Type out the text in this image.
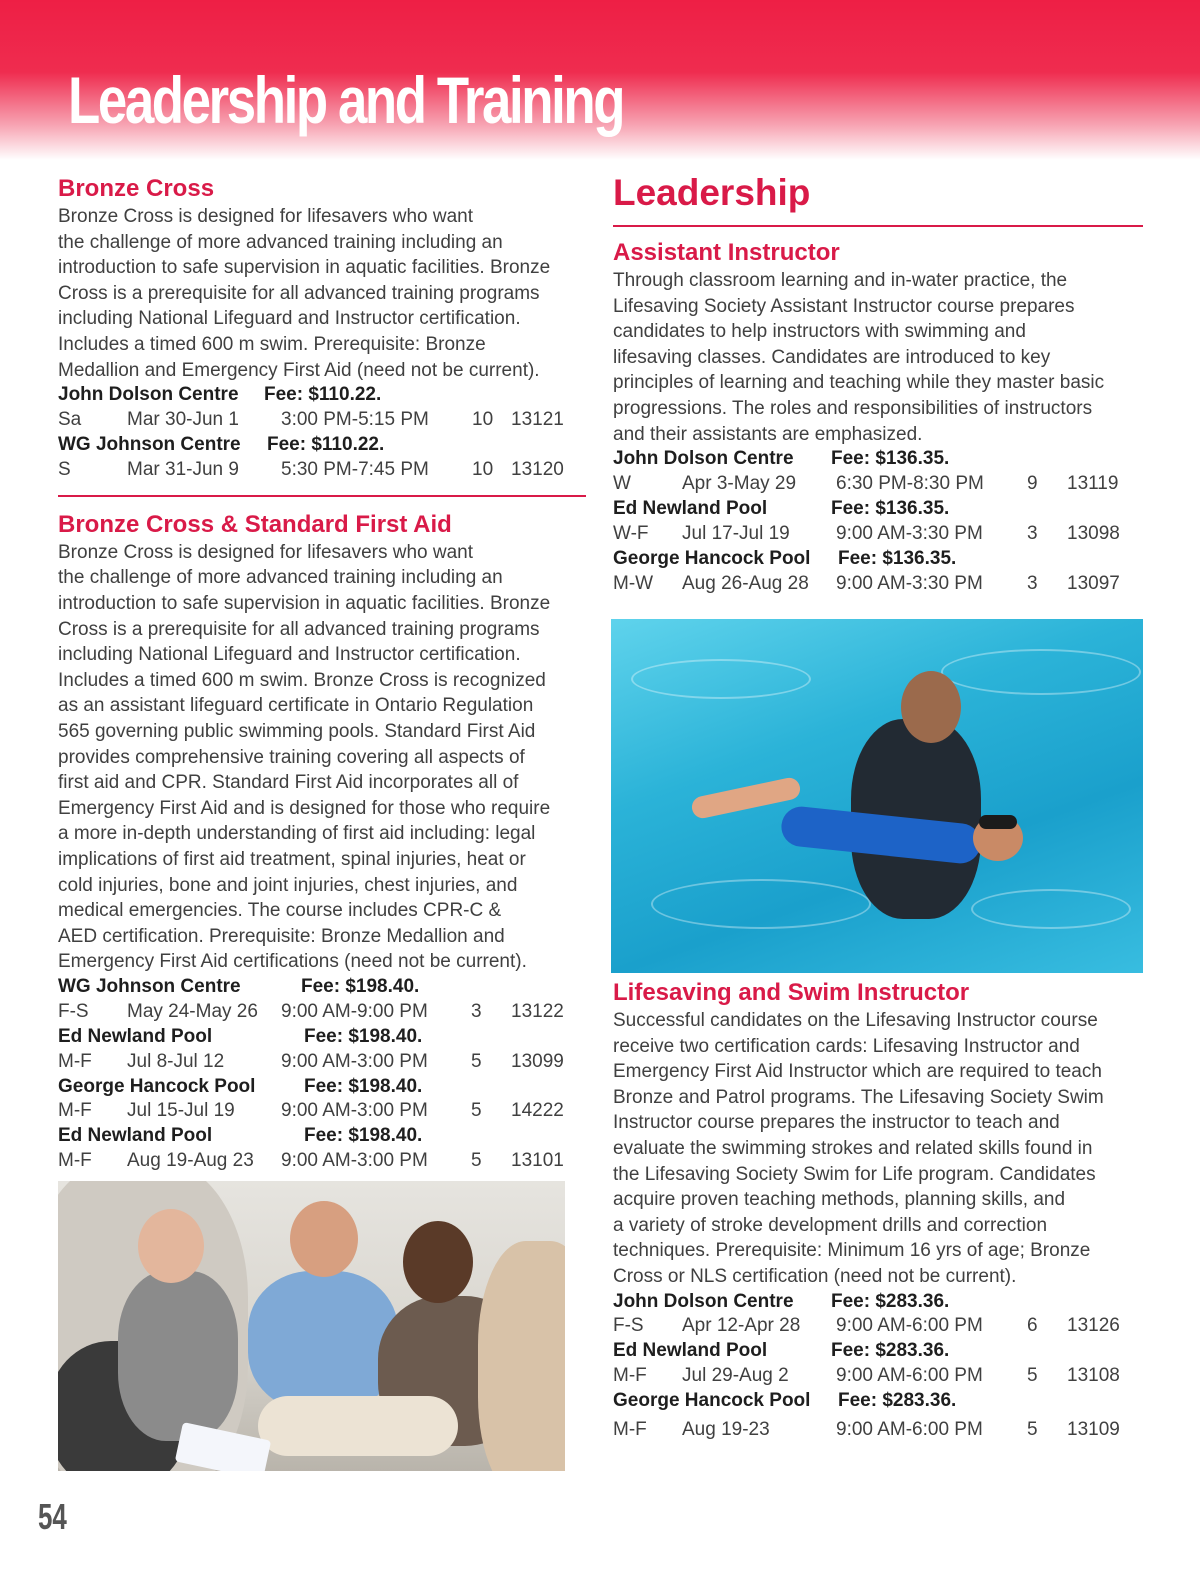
Leadership and Training
Bronze Cross
Bronze Cross is designed for lifesavers who want
the challenge of more advanced training including an
introduction to safe supervision in aquatic facilities. Bronze
Cross is a prerequisite for all advanced training programs
including National Lifeguard and Instructor certification.
Includes a timed 600 m swim. Prerequisite: Bronze
Medallion and Emergency First Aid (need not be current).
John Dolson Centre	Fee: $110.22.
Sa	Mar 30-Jun 1	3:00 PM-5:15 PM	10 13121
WG Johnson Centre	Fee: $110.22.
S	Mar 31-Jun 9	5:30 PM-7:45 PM	10 13120
Bronze Cross & Standard First Aid
Bronze Cross is designed for lifesavers who want
the challenge of more advanced training including an
introduction to safe supervision in aquatic facilities. Bronze
Cross is a prerequisite for all advanced training programs
including National Lifeguard and Instructor certification.
Includes a timed 600 m swim. Bronze Cross is recognized
as an assistant lifeguard certificate in Ontario Regulation
565 governing public swimming pools. Standard First Aid
provides comprehensive training covering all aspects of
first aid and CPR. Standard First Aid incorporates all of
Emergency First Aid and is designed for those who require
a more in-depth understanding of first aid including: legal
implications of first aid treatment, spinal injuries, heat or
cold injuries, bone and joint injuries, chest injuries, and
medical emergencies. The course includes CPR-C &
AED certification. Prerequisite: Bronze Medallion and
Emergency First Aid certifications (need not be current).
WG Johnson Centre	Fee: $198.40.
F-S	May 24-May 26	9:00 AM-9:00 PM	3	13122
Ed Newland Pool	Fee: $198.40.
M-F	Jul 8-Jul 12	9:00 AM-3:00 PM	5	13099
George Hancock Pool	Fee: $198.40.
M-F	Jul 15-Jul 19	9:00 AM-3:00 PM	5	14222
Ed Newland Pool	Fee: $198.40.
M-F	Aug 19-Aug 23	9:00 AM-3:00 PM	5	13101
Leadership
Assistant Instructor
Through classroom learning and in-water practice, the
Lifesaving Society Assistant Instructor course prepares
candidates to help instructors with swimming and
lifesaving classes. Candidates are introduced to key
principles of learning and teaching while they master basic
progressions. The roles and responsibilities of instructors
and their assistants are emphasized.
John Dolson Centre	Fee: $136.35.
W	Apr 3-May 29	6:30 PM-8:30 PM	9	13119
Ed Newland Pool	Fee: $136.35.
W-F	Jul 17-Jul 19	9:00 AM-3:30 PM	3	13098
George Hancock Pool	Fee: $136.35.
M-W	Aug 26-Aug 28	9:00 AM-3:30 PM	3	13097
Lifesaving and Swim Instructor
Successful candidates on the Lifesaving Instructor course
receive two certification cards: Lifesaving Instructor and
Emergency First Aid Instructor which are required to teach
Bronze and Patrol programs. The Lifesaving Society Swim
Instructor course prepares the instructor to teach and
evaluate the swimming strokes and related skills found in
the Lifesaving Society Swim for Life program. Candidates
acquire proven teaching methods, planning skills, and
a variety of stroke development drills and correction
techniques. Prerequisite: Minimum 16 yrs of age; Bronze
Cross or NLS certification (need not be current).
John Dolson Centre	Fee: $283.36.
F-S	Apr 12-Apr 28	9:00 AM-6:00 PM	6	13126
Ed Newland Pool	Fee: $283.36.
M-F	Jul 29-Aug 2	9:00 AM-6:00 PM	5	13108
George Hancock Pool	Fee: $283.36.
M-F	Aug 19-23	9:00 AM-6:00 PM	5	13109
54
